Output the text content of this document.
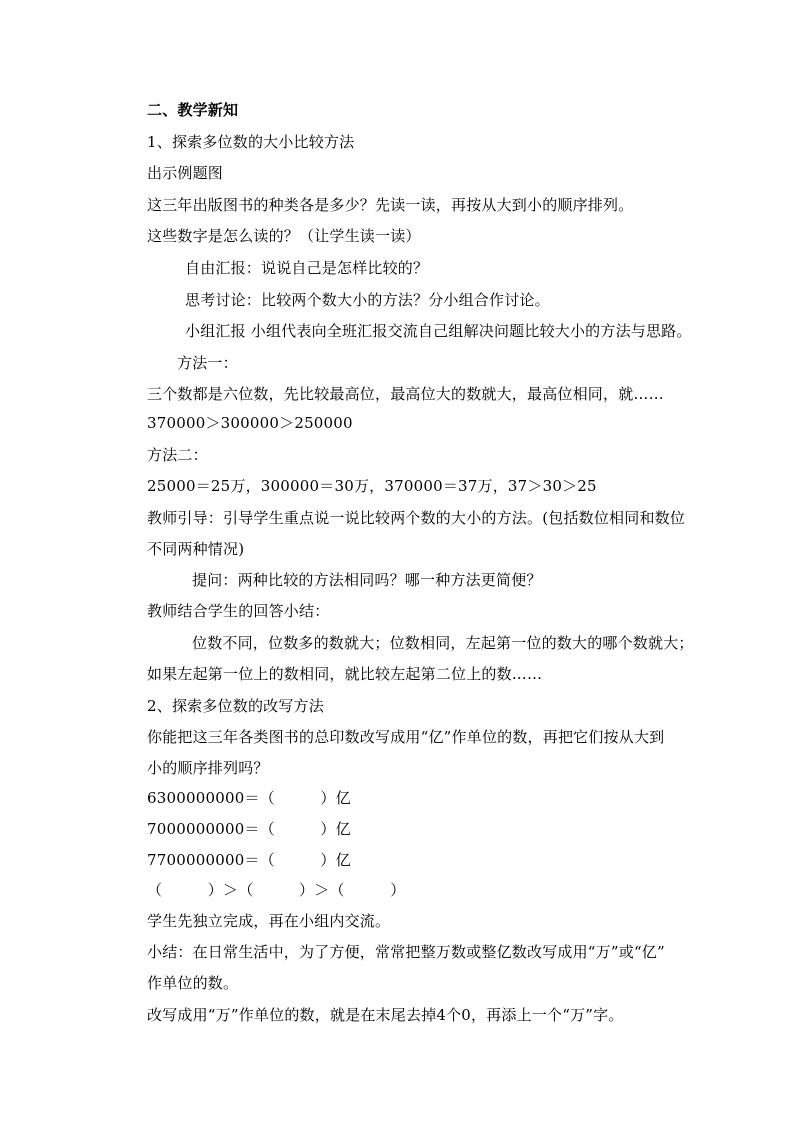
二、教学新知
1、探索多位数的大小比较方法
出示例题图
这三年出版图书的种类各是多少？先读一读，再按从大到小的顺序排列。
这些数字是怎么读的？（让学生读一读）
自由汇报：说说自己是怎样比较的？
思考讨论：比较两个数大小的方法？分小组合作讨论。
小组汇报 小组代表向全班汇报交流自己组解决问题比较大小的方法与思路。
方法一：
三个数都是六位数，先比较最高位，最高位大的数就大，最高位相同，就……
370000＞300000＞250000
方法二：
25000＝25万，300000＝30万，370000＝37万，37＞30＞25
教师引导：引导学生重点说一说比较两个数的大小的方法。(包括数位相同和数位
不同两种情况)
提问：两种比较的方法相同吗？哪一种方法更简便？
教师结合学生的回答小结：
位数不同，位数多的数就大；位数相同，左起第一位的数大的哪个数就大；
如果左起第一位上的数相同，就比较左起第二位上的数……
2、探索多位数的改写方法
你能把这三年各类图书的总印数改写成用“亿”作单位的数，再把它们按从大到
小的顺序排列吗？
6300000000＝（　　　）亿
7000000000＝（　　　）亿
7700000000＝（　　　）亿
（　　　）＞（　　　）＞（　　　）
学生先独立完成，再在小组内交流。
小结：在日常生活中，为了方便，常常把整万数或整亿数改写成用“万”或“亿”
作单位的数。
改写成用“万”作单位的数，就是在末尾去掉4个0，再添上一个“万”字。
